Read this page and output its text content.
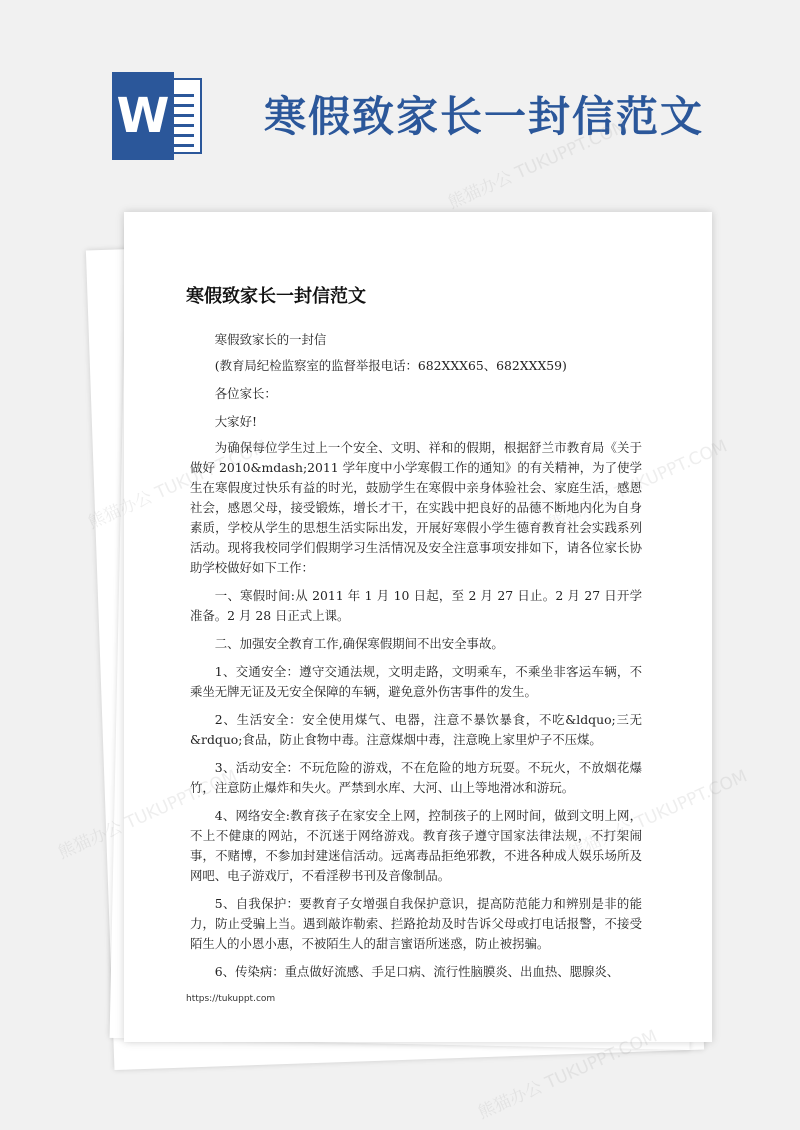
W 寒假致家长一封信范文
寒假致家长一封信范文

寒假致家长的一封信

(教育局纪检监察室的监督举报电话：682XXX65、682XXX59)

各位家长：

大家好!

为确保每位学生过上一个安全、文明、祥和的假期，根据舒兰市教育局《关于做好 2010&mdash;2011 学年度中小学寒假工作的通知》的有关精神，为了使学生在寒假度过快乐有益的时光，鼓励学生在寒假中亲身体验社会、家庭生活，感恩社会，感恩父母，接受锻炼，增长才干，在实践中把良好的品德不断地内化为自身素质，学校从学生的思想生活实际出发，开展好寒假小学生德育教育社会实践系列活动。现将我校同学们假期学习生活情况及安全注意事项安排如下，请各位家长协助学校做好如下工作：

一、寒假时间:从 2011 年 1 月 10 日起，至 2 月 27 日止。2 月 27 日开学准备。2 月 28 日正式上课。

二、加强安全教育工作,确保寒假期间不出安全事故。

1、交通安全：遵守交通法规，文明走路，文明乘车，不乘坐非客运车辆，不乘坐无牌无证及无安全保障的车辆，避免意外伤害事件的发生。

2、生活安全：安全使用煤气、电器，注意不暴饮暴食，不吃&ldquo;三无&rdquo;食品，防止食物中毒。注意煤烟中毒，注意晚上家里炉子不压煤。

3、活动安全：不玩危险的游戏，不在危险的地方玩耍。不玩火，不放烟花爆竹，注意防止爆炸和失火。严禁到水库、大河、山上等地滑冰和游玩。

4、网络安全:教育孩子在家安全上网，控制孩子的上网时间，做到文明上网，不上不健康的网站，不沉迷于网络游戏。教育孩子遵守国家法律法规，不打架闹事，不赌博，不参加封建迷信活动。远离毒品拒绝邪教，不进各种成人娱乐场所及网吧、电子游戏厅，不看淫秽书刊及音像制品。

5、自我保护：要教育子女增强自我保护意识，提高防范能力和辨别是非的能力，防止受骗上当。遇到敲诈勒索、拦路抢劫及时告诉父母或打电话报警，不接受陌生人的小恩小惠，不被陌生人的甜言蜜语所迷惑，防止被拐骗。

6、传染病：重点做好流感、手足口病、流行性脑膜炎、出血热、腮腺炎、

https://tukuppt.com
熊猫办公 TUKUPPT.COM
熊猫办公
熊猫办公 TUKUPPT.COM
